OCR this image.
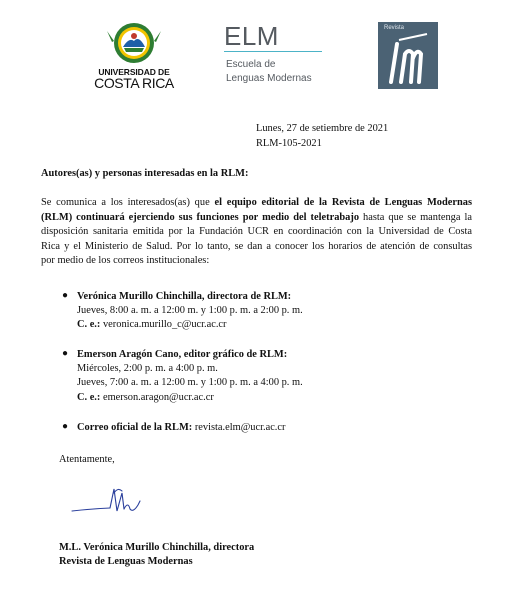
UNIVERSIDAD DE
COSTA RICA
ELM
Escuela de
Lenguas Modernas
Revista
Lunes, 27 de setiembre de 2021
RLM-105-2021
Autores(as) y personas interesadas en la RLM:
Se comunica a los interesados(as) que el equipo editorial de la Revista de Lenguas Modernas
(RLM) continuará ejerciendo sus funciones por medio del teletrabajo hasta que se mantenga la
disposición sanitaria emitida por la Fundación UCR en coordinación con la Universidad de Costa
Rica y el Ministerio de Salud. Por lo tanto, se dan a conocer los horarios de atención de consultas
por medio de los correos institucionales:
● Verónica Murillo Chinchilla, directora de RLM:
Jueves, 8:00 a. m. a 12:00 m. y 1:00 p. m. a 2:00 p. m.
C. e.: veronica.murillo_c@ucr.ac.cr
● Emerson Aragón Cano, editor gráfico de RLM:
Miércoles, 2:00 p. m. a 4:00 p. m.
Jueves, 7:00 a. m. a 12:00 m. y 1:00 p. m. a 4:00 p. m.
C. e.: emerson.aragon@ucr.ac.cr
● Correo oficial de la RLM: revista.elm@ucr.ac.cr
Atentamente,
M.L. Verónica Murillo Chinchilla, directora
Revista de Lenguas Modernas
